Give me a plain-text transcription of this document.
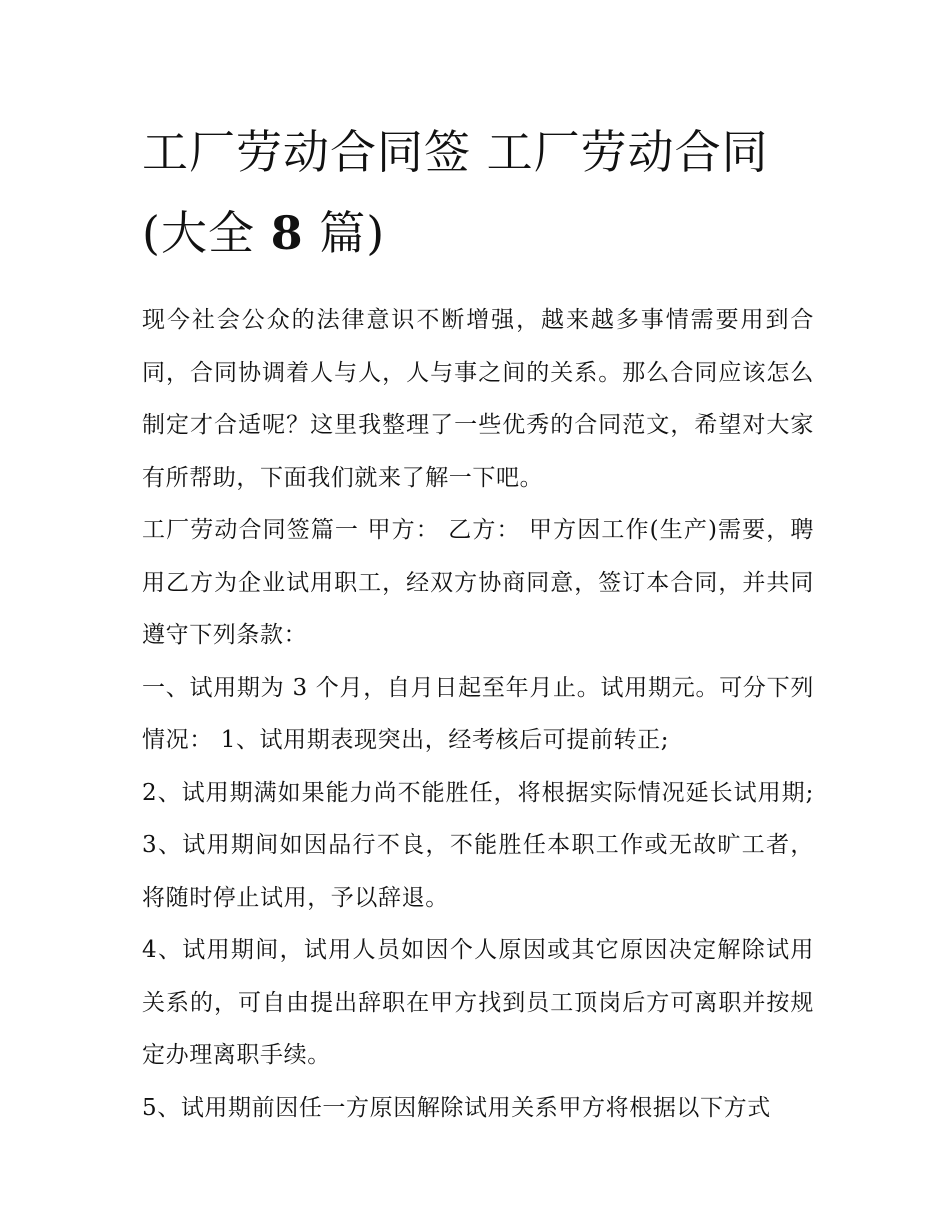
工厂劳动合同签 工厂劳动合同(大全 8 篇)

现今社会公众的法律意识不断增强，越来越多事情需要用到合同，合同协调着人与人，人与事之间的关系。那么合同应该怎么制定才合适呢？这里我整理了一些优秀的合同范文，希望对大家有所帮助，下面我们就来了解一下吧。

工厂劳动合同签篇一 甲方： 乙方： 甲方因工作(生产)需要，聘用乙方为企业试用职工，经双方协商同意，签订本合同，并共同遵守下列条款：

一、试用期为 3 个月，自月日起至年月止。试用期元。可分下列情况： 1、试用期表现突出，经考核后可提前转正;

2、试用期满如果能力尚不能胜任，将根据实际情况延长试用期; 3、试用期间如因品行不良，不能胜任本职工作或无故旷工者，将随时停止试用，予以辞退。

4、试用期间，试用人员如因个人原因或其它原因决定解除试用关系的，可自由提出辞职在甲方找到员工顶岗后方可离职并按规定办理离职手续。

5、试用期前因任一方原因解除试用关系甲方将根据以下方式
